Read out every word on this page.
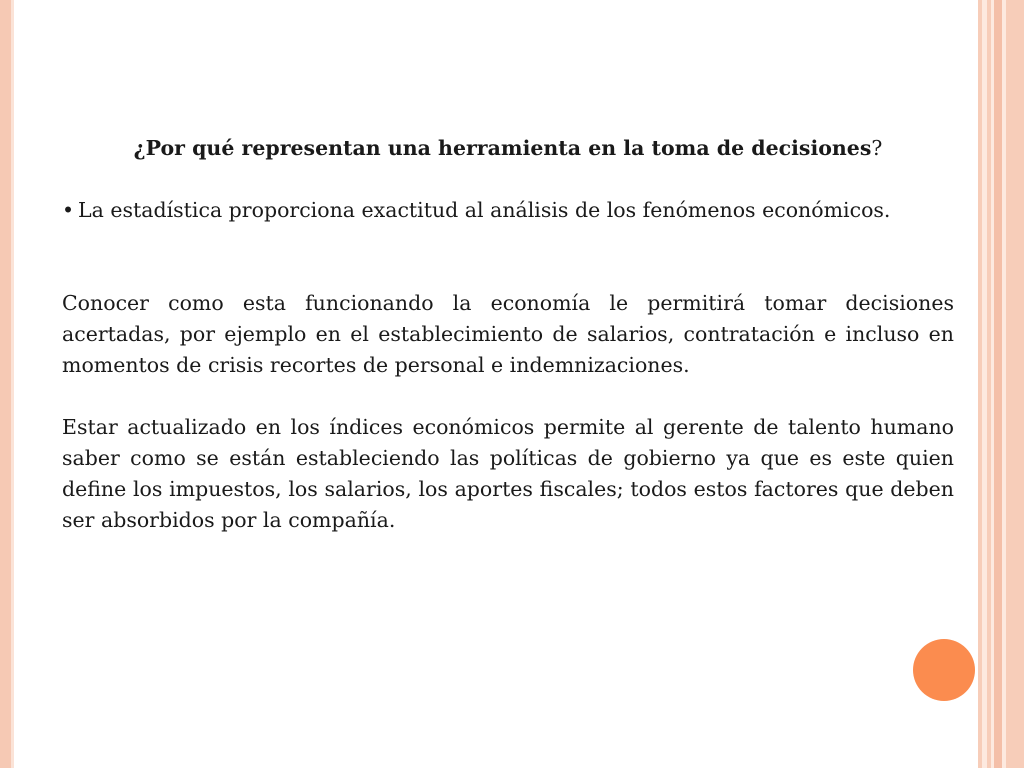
¿Por qué representan una herramienta en la toma de decisiones?
• La estadística proporciona exactitud al análisis de los fenómenos económicos.

Conocer como esta funcionando la economía le permitirá tomar decisiones acertadas, por ejemplo en el establecimiento de salarios, contratación e incluso en momentos de crisis recortes de personal e indemnizaciones.

Estar actualizado en los índices económicos permite al gerente de talento humano saber como se están estableciendo las políticas de gobierno ya que es este quien define los impuestos, los salarios, los aportes fiscales; todos estos factores que deben ser absorbidos por la compañía.
